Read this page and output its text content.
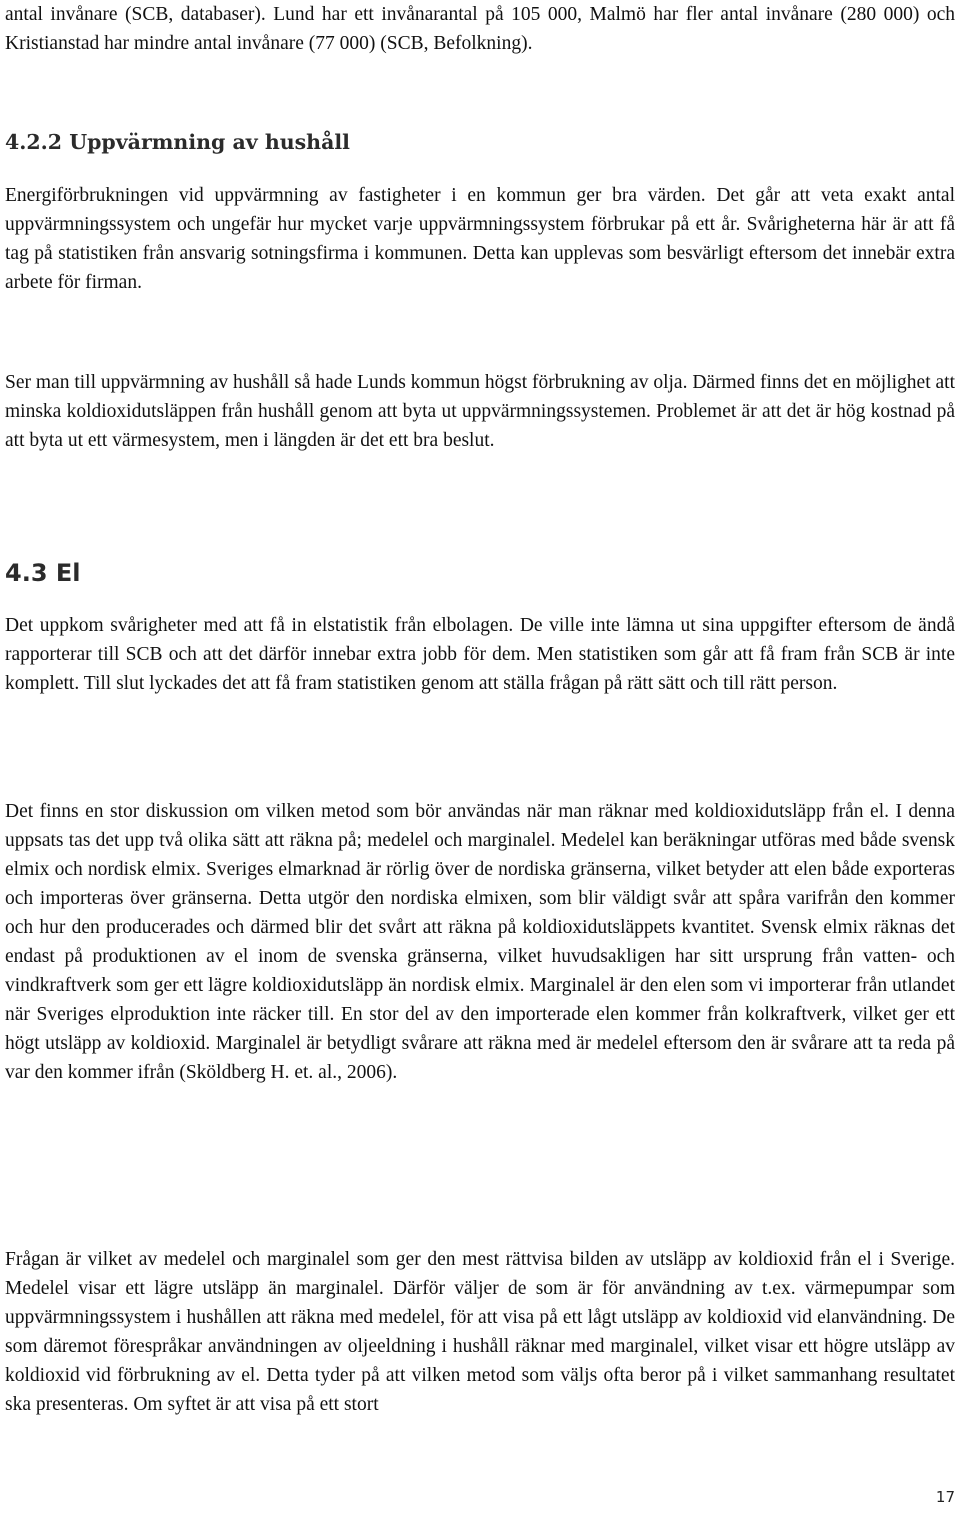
antal invånare (SCB, databaser). Lund har ett invånarantal på 105 000, Malmö har fler antal invånare (280 000) och Kristianstad har mindre antal invånare (77 000) (SCB, Befolkning).

4.2.2 Uppvärmning av hushåll

Energiförbrukningen vid uppvärmning av fastigheter i en kommun ger bra värden. Det går att veta exakt antal uppvärmningssystem och ungefär hur mycket varje uppvärmningssystem förbrukar på ett år. Svårigheterna här är att få tag på statistiken från ansvarig sotningsfirma i kommunen. Detta kan upplevas som besvärligt eftersom det innebär extra arbete för firman.

Ser man till uppvärmning av hushåll så hade Lunds kommun högst förbrukning av olja. Därmed finns det en möjlighet att minska koldioxidutsläppen från hushåll genom att byta ut uppvärmningssystemen. Problemet är att det är hög kostnad på att byta ut ett värmesystem, men i längden är det ett bra beslut.

4.3 El

Det uppkom svårigheter med att få in elstatistik från elbolagen. De ville inte lämna ut sina uppgifter eftersom de ändå rapporterar till SCB och att det därför innebar extra jobb för dem. Men statistiken som går att få fram från SCB är inte komplett. Till slut lyckades det att få fram statistiken genom att ställa frågan på rätt sätt och till rätt person.

Det finns en stor diskussion om vilken metod som bör användas när man räknar med koldioxidutsläpp från el. I denna uppsats tas det upp två olika sätt att räkna på; medelel och marginalel. Medelel kan beräkningar utföras med både svensk elmix och nordisk elmix. Sveriges elmarknad är rörlig över de nordiska gränserna, vilket betyder att elen både exporteras och importeras över gränserna. Detta utgör den nordiska elmixen, som blir väldigt svår att spåra varifrån den kommer och hur den producerades och därmed blir det svårt att räkna på koldioxidutsläppets kvantitet. Svensk elmix räknas det endast på produktionen av el inom de svenska gränserna, vilket huvudsakligen har sitt ursprung från vatten- och vindkraftverk som ger ett lägre koldioxidutsläpp än nordisk elmix. Marginalel är den elen som vi importerar från utlandet när Sveriges elproduktion inte räcker till. En stor del av den importerade elen kommer från kolkraftverk, vilket ger ett högt utsläpp av koldioxid. Marginalel är betydligt svårare att räkna med är medelel eftersom den är svårare att ta reda på var den kommer ifrån (Sköldberg H. et. al., 2006).

Frågan är vilket av medelel och marginalel som ger den mest rättvisa bilden av utsläpp av koldioxid från el i Sverige. Medelel visar ett lägre utsläpp än marginalel. Därför väljer de som är för användning av t.ex. värmepumpar som uppvärmningssystem i hushållen att räkna med medelel, för att visa på ett lågt utsläpp av koldioxid vid elanvändning. De som däremot förespråkar användningen av oljeeldning i hushåll räknar med marginalel, vilket visar ett högre utsläpp av koldioxid vid förbrukning av el. Detta tyder på att vilken metod som väljs ofta beror på i vilket sammanhang resultatet ska presenteras. Om syftet är att visa på ett stort

17
